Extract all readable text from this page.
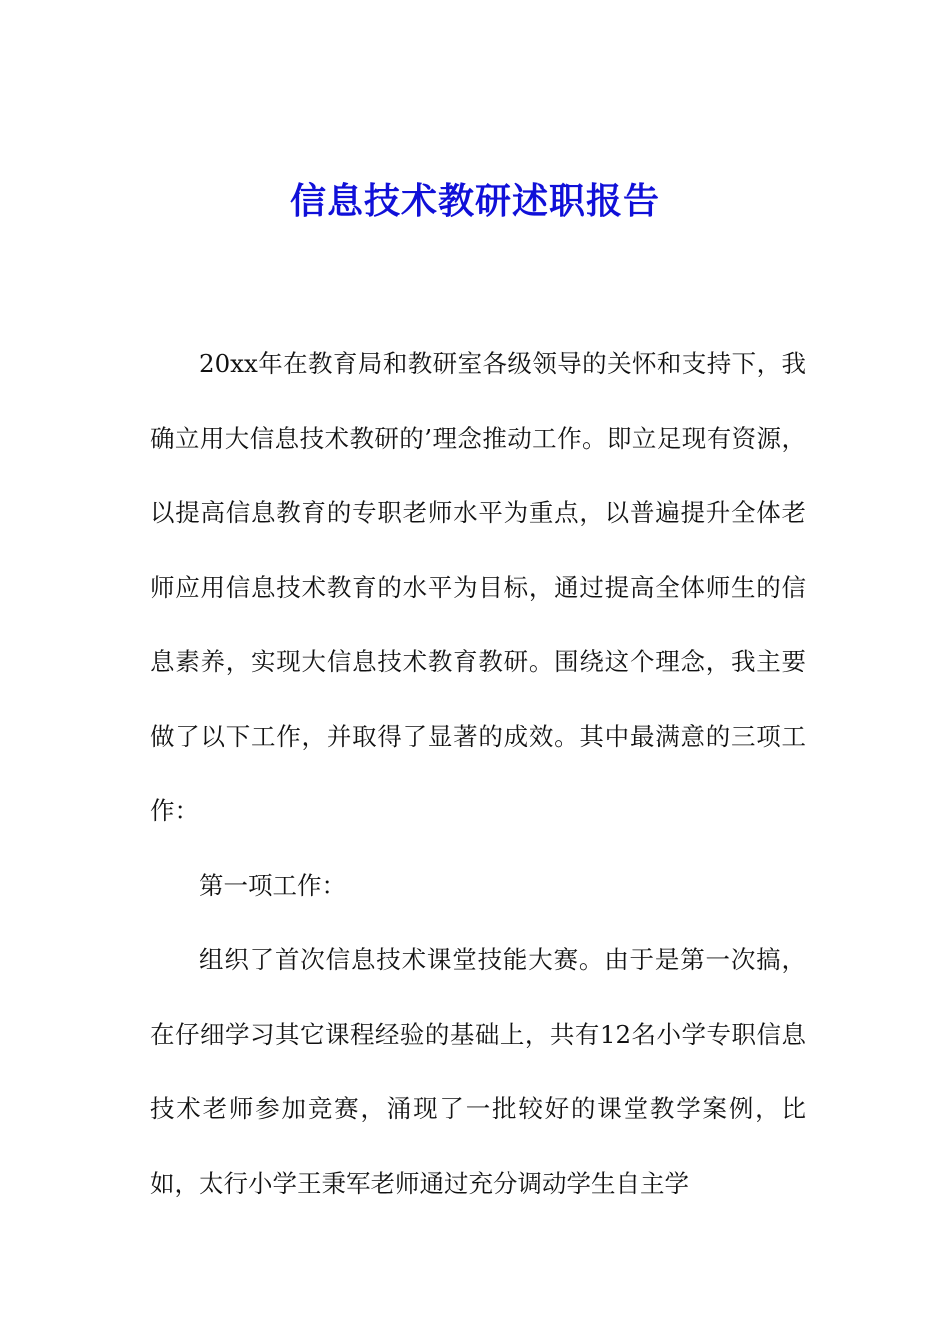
信息技术教研述职报告

20xx年在教育局和教研室各级领导的关怀和支持下，我确立用大信息技术教研的’理念推动工作。即立足现有资源，以提高信息教育的专职老师水平为重点，以普遍提升全体老师应用信息技术教育的水平为目标，通过提高全体师生的信息素养，实现大信息技术教育教研。围绕这个理念，我主要做了以下工作，并取得了显著的成效。其中最满意的三项工作：

第一项工作：

组织了首次信息技术课堂技能大赛。由于是第一次搞，在仔细学习其它课程经验的基础上，共有12名小学专职信息技术老师参加竞赛，涌现了一批较好的课堂教学案例，比如，太行小学王秉军老师通过充分调动学生自主学
